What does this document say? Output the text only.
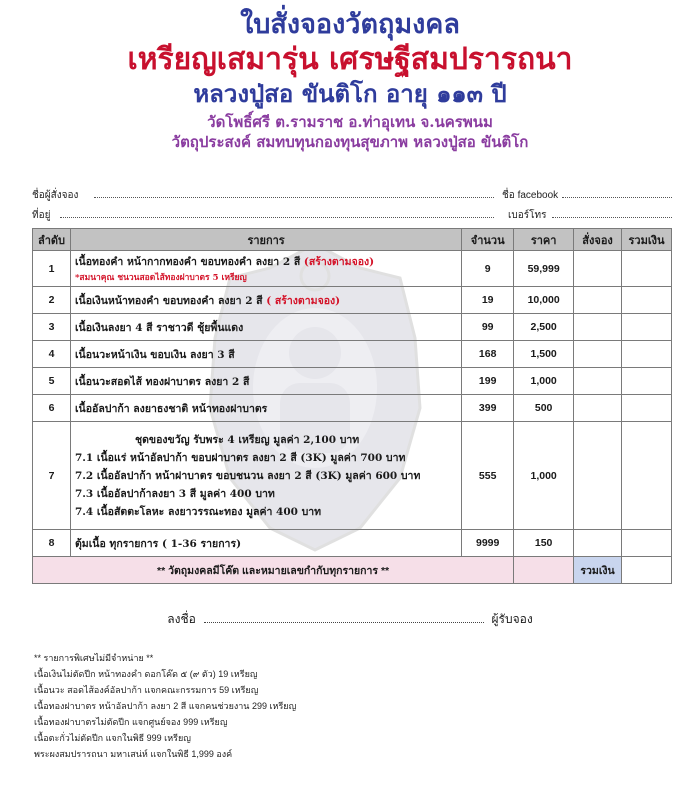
ใบสั่งจองวัตถุมงคล
เหรียญเสมารุ่น เศรษฐีสมปรารถนา
หลวงปู่สอ ขันติโก อายุ ๑๑๓ ปี
วัดโพธิ์ศรี ต.รามราช อ.ท่าอุเทน จ.นครพนม
วัตถุประสงค์ สมทบทุนกองทุนสุขภาพ หลวงปู่สอ ขันติโก
ชื่อผู้สั่งจอง	ชื่อ facebook
ที่อยู่	เบอร์โทร
ลำดับ	รายการ	จำนวน	ราคา	สั่งจอง	รวมเงิน
1	เนื้อทองคำ หน้ากากทองคำ ขอบทองคำ ลงยา 2 สี (สร้างตามจอง)
*สมนาคุณ ชนวนสอดไส้ทองฝาบาตร 5 เหรียญ	9	59,999		
2	เนื้อเงินหน้าทองคำ ขอบทองคำ ลงยา 2 สี ( สร้างตามจอง)	19	10,000		
3	เนื้อเงินลงยา 4 สี ราชาวดี ชุ้ยพื้นแดง	99	2,500		
4	เนื้อนวะหน้าเงิน ขอบเงิน ลงยา 3 สี	168	1,500		
5	เนื้อนวะสอดไส้ ทองฝาบาตร ลงยา 2 สี	199	1,000		
6	เนื้ออัลปาก้า ลงยาธงชาติ หน้าทองฝาบาตร	399	500		
7	ชุดของขวัญ รับพระ 4 เหรียญ มูลค่า 2,100 บาท
7.1 เนื้อแร่ หน้าอัลปาก้า ขอบฝาบาตร ลงยา 2 สี (3K) มูลค่า 700 บาท
7.2 เนื้ออัลปาก้า หน้าฝาบาตร ขอบชนวน ลงยา 2 สี (3K) มูลค่า 600 บาท
7.3 เนื้ออัลปาก้าลงยา 3 สี มูลค่า 400 บาท
7.4 เนื้อสัตตะโลหะ ลงยาวรรณะทอง มูลค่า 400 บาท	555	1,000		
8	ตุ้มเนื้อ ทุกรายการ ( 1-36 รายการ)	9999	150		
** วัตถุมงคลมีโค๊ต และหมายเลขกำกับทุกรายการ **				รวมเงิน	
ลงชื่อ	ผู้รับจอง
** รายการพิเศษไม่มีจำหน่าย **
เนื้อเงินไม่ตัดปีก หน้าทองคำ ดอกโค๊ด ๕ (๙ ตัว) 19 เหรียญ
เนื้อนวะ สอดไส้องค์อัลปาก้า แจกคณะกรรมการ 59 เหรียญ
เนื้อทองฝาบาตร หน้าอัลปาก้า ลงยา 2 สี แจกคนช่วยงาน 299 เหรียญ
เนื้อทองฝาบาตรไม่ตัดปีก แจกศูนย์จอง 999 เหรียญ
เนื้อตะกั่วไม่ตัดปีก แจกในพิธี 999 เหรียญ
พระผงสมปรารถนา มหาเสน่ห์ แจกในพิธี 1,999 องค์
